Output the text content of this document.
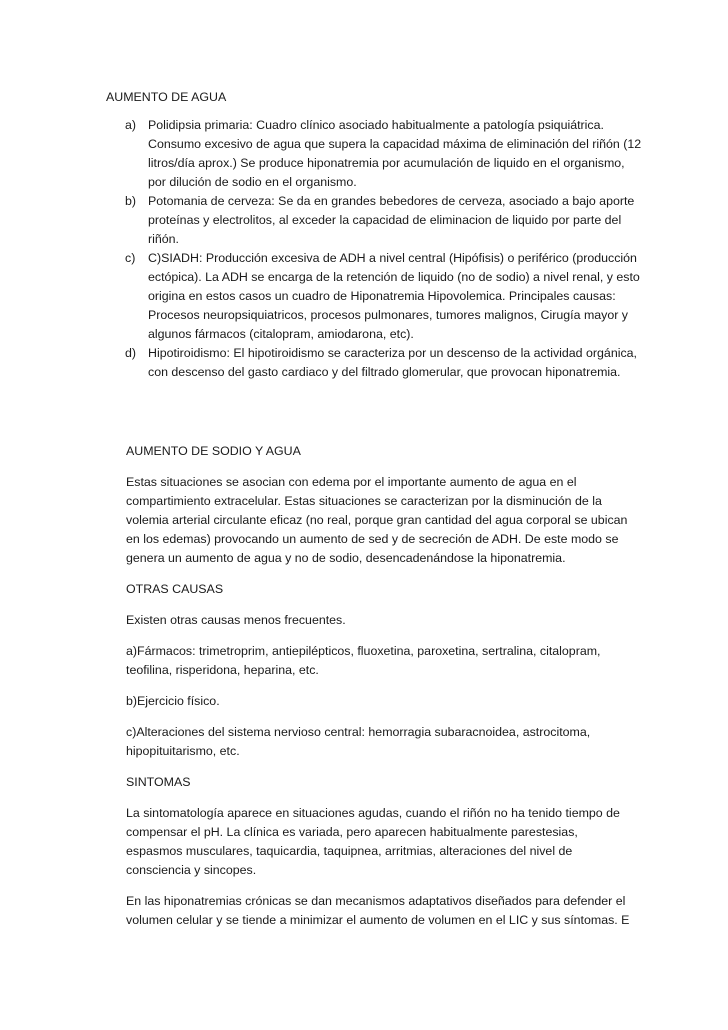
AUMENTO DE AGUA
a) Polidipsia primaria: Cuadro clínico asociado habitualmente a patología psiquiátrica. Consumo excesivo de agua que supera la capacidad máxima de eliminación del riñón (12 litros/día aprox.) Se produce hiponatremia por acumulación de liquido en el organismo, por dilución de sodio en el organismo.
b) Potomania de cerveza: Se da en grandes bebedores de cerveza, asociado a bajo aporte proteínas y electrolitos, al exceder la capacidad de eliminacion de liquido por parte del riñón.
c) C)SIADH: Producción excesiva de ADH a nivel central (Hipófisis) o periférico (producción ectópica). La ADH se encarga de la retención de liquido (no de sodio) a nivel renal, y esto origina en estos casos un cuadro de Hiponatremia Hipovolemica. Principales causas: Procesos neuropsiquiatricos, procesos pulmonares, tumores malignos, Cirugía mayor y algunos fármacos (citalopram, amiodarona, etc).
d) Hipotiroidismo: El hipotiroidismo se caracteriza por un descenso de la actividad orgánica, con descenso del gasto cardiaco y del filtrado glomerular, que provocan hiponatremia.

AUMENTO DE SODIO Y AGUA

Estas situaciones se asocian con edema por el importante aumento de agua en el compartimiento extracelular. Estas situaciones se caracterizan por la disminución de la volemia arterial circulante eficaz (no real, porque gran cantidad del agua corporal se ubican en los edemas) provocando un aumento de sed y de secreción de ADH. De este modo se genera un aumento de agua y no de sodio, desencadenándose la hiponatremia.

OTRAS CAUSAS

Existen otras causas menos frecuentes.

a)Fármacos: trimetroprim, antiepilépticos, fluoxetina, paroxetina, sertralina, citalopram, teofilina, risperidona, heparina, etc.

b)Ejercicio físico.

c)Alteraciones del sistema nervioso central: hemorragia subaracnoidea, astrocitoma, hipopituitarismo, etc.

SINTOMAS

La sintomatología aparece en situaciones agudas, cuando el riñón no ha tenido tiempo de compensar el pH. La clínica es variada, pero aparecen habitualmente parestesias, espasmos musculares, taquicardia, taquipnea, arritmias, alteraciones del nivel de consciencia y sincopes.

En las hiponatremias crónicas se dan mecanismos adaptativos diseñados para defender el volumen celular y se tiende a minimizar el aumento de volumen en el LIC y sus síntomas. E
